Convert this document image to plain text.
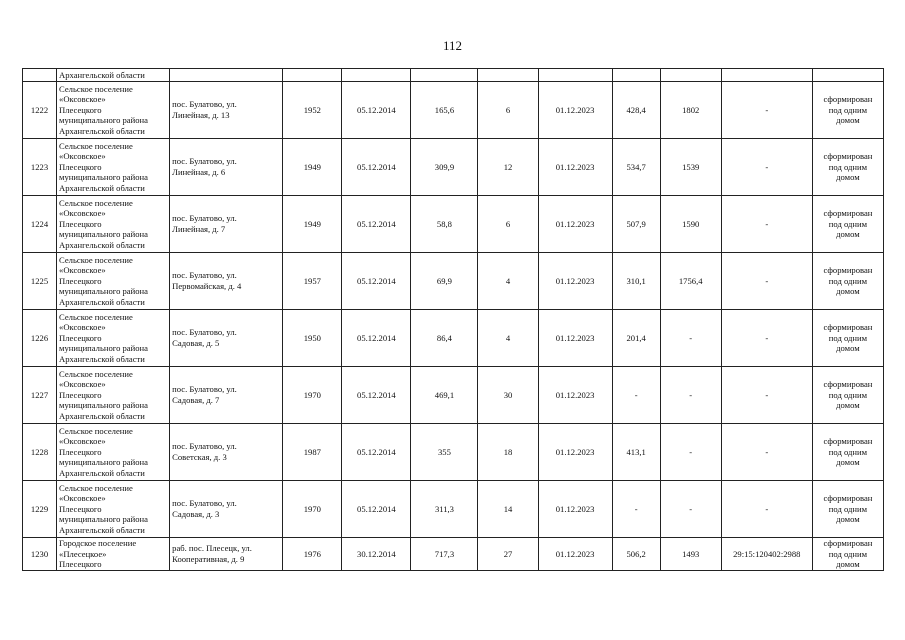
112
	Архангельской области										
1222	Сельское поселение
«Оксовское»
Плесецкого
муниципального района
Архангельской области	пос. Булатово, ул.
Линейная, д. 13	1952	05.12.2014	165,6	6	01.12.2023	428,4	1802	-	сформирован
под одним
домом
1223	Сельское поселение
«Оксовское»
Плесецкого
муниципального района
Архангельской области	пос. Булатово, ул.
Линейная, д. 6	1949	05.12.2014	309,9	12	01.12.2023	534,7	1539	-	сформирован
под одним
домом
1224	Сельское поселение
«Оксовское»
Плесецкого
муниципального района
Архангельской области	пос. Булатово, ул.
Линейная, д. 7	1949	05.12.2014	58,8	6	01.12.2023	507,9	1590	-	сформирован
под одним
домом
1225	Сельское поселение
«Оксовское»
Плесецкого
муниципального района
Архангельской области	пос. Булатово, ул.
Первомайская, д. 4	1957	05.12.2014	69,9	4	01.12.2023	310,1	1756,4	-	сформирован
под одним
домом
1226	Сельское поселение
«Оксовское»
Плесецкого
муниципального района
Архангельской области	пос. Булатово, ул.
Садовая, д. 5	1950	05.12.2014	86,4	4	01.12.2023	201,4	-	-	сформирован
под одним
домом
1227	Сельское поселение
«Оксовское»
Плесецкого
муниципального района
Архангельской области	пос. Булатово, ул.
Садовая, д. 7	1970	05.12.2014	469,1	30	01.12.2023	-	-	-	сформирован
под одним
домом
1228	Сельское поселение
«Оксовское»
Плесецкого
муниципального района
Архангельской области	пос. Булатово, ул.
Советская, д. 3	1987	05.12.2014	355	18	01.12.2023	413,1	-	-	сформирован
под одним
домом
1229	Сельское поселение
«Оксовское»
Плесецкого
муниципального района
Архангельской области	пос. Булатово, ул.
Садовая, д. 3	1970	05.12.2014	311,3	14	01.12.2023	-	-	-	сформирован
под одним
домом
1230	Городское поселение
«Плесецкое»
Плесецкого	раб. пос. Плесецк, ул.
Кооперативная, д. 9	1976	30.12.2014	717,3	27	01.12.2023	506,2	1493	29:15:120402:2988	сформирован
под одним
домом
